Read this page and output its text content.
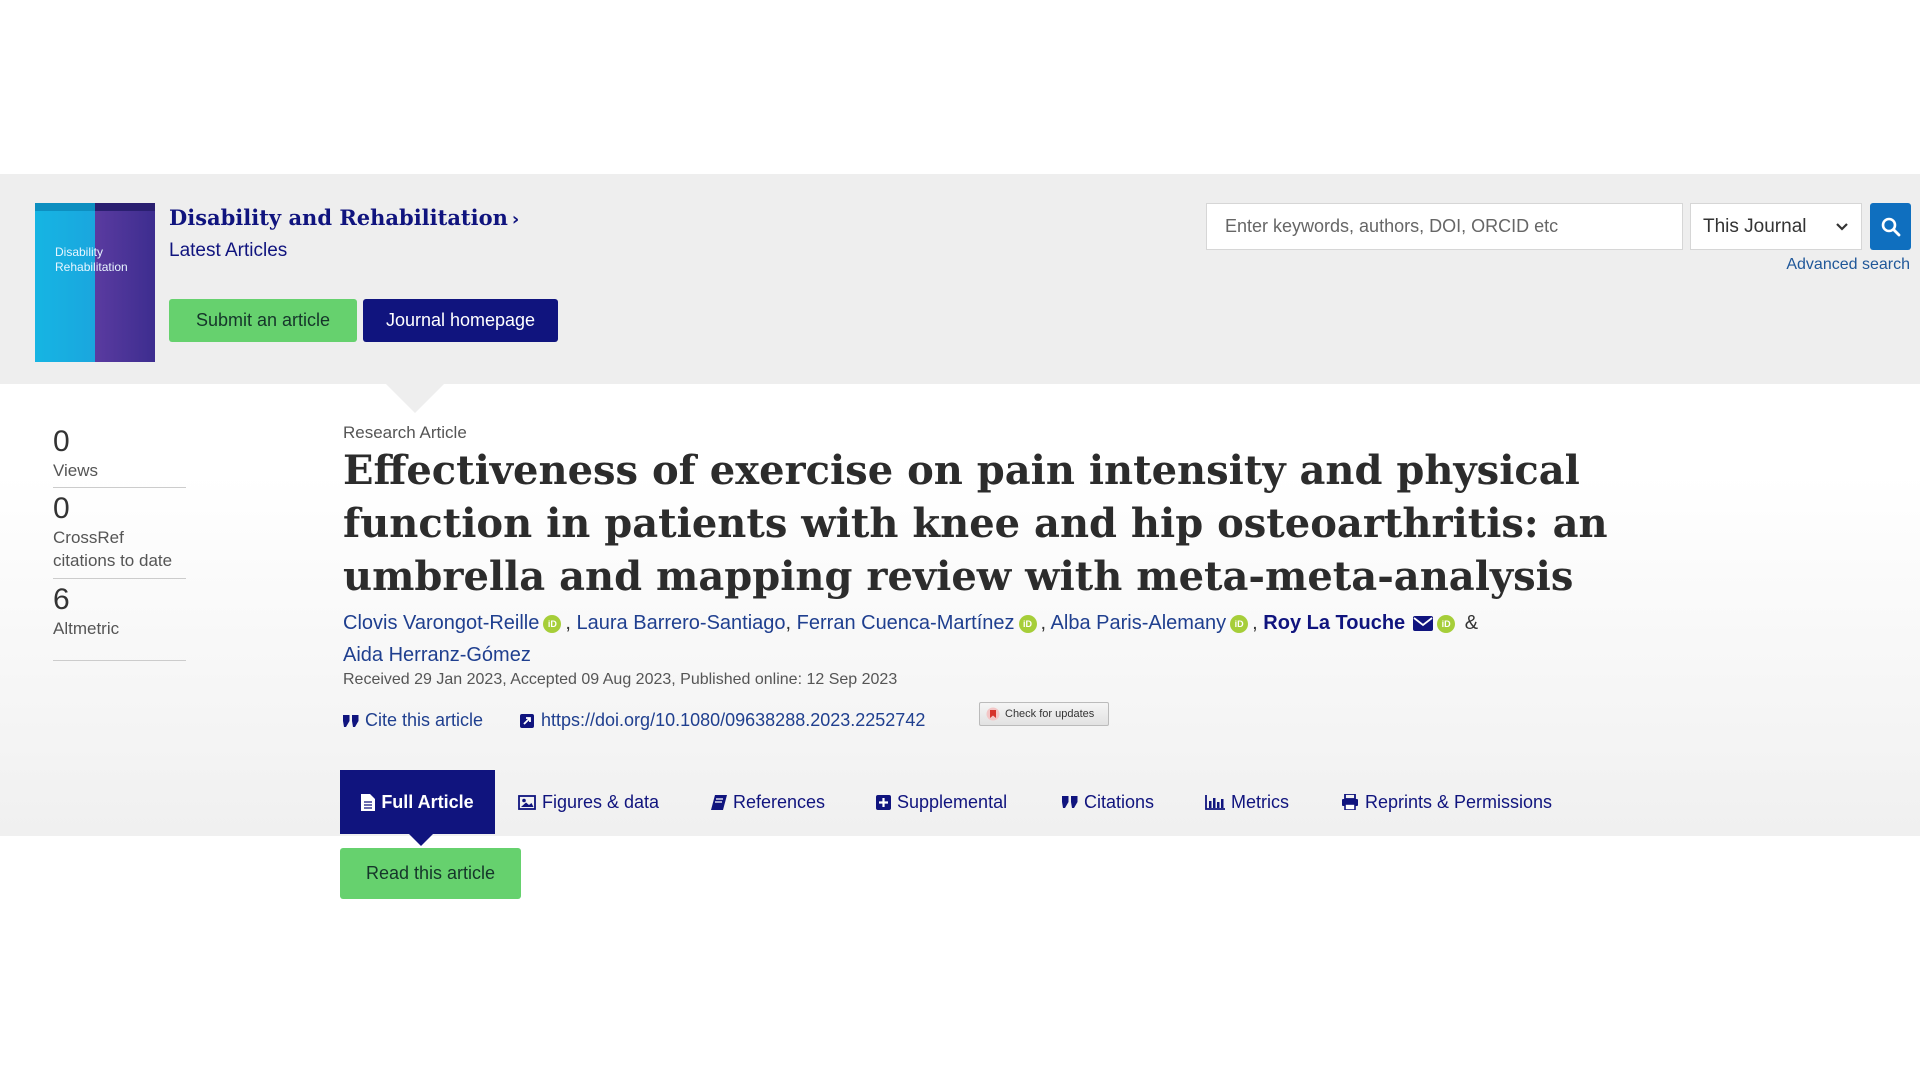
Disability Rehabilitation
Disability and Rehabilitation ›
Latest Articles
Submit an article	Journal homepage
Enter keywords, authors, DOI, ORCID etc	This Journal
Advanced search
0
Views
0
CrossRef citations to date
6
Altmetric
Research Article
Effectiveness of exercise on pain intensity and physical function in patients with knee and hip osteoarthritis: an umbrella and mapping review with meta-meta-analysis
Clovis Varongot-Reille iD , Laura Barrero-Santiago, Ferran Cuenca-Martínez iD , Alba Paris-Alemany iD , Roy La Touche	iD &
Aida Herranz-Gómez
Received 29 Jan 2023, Accepted 09 Aug 2023, Published online: 12 Sep 2023
Cite this article	https://doi.org/10.1080/09638288.2023.2252742	Check for updates
Full Article	Figures & data	References	Supplemental	Citations	Metrics	Reprints & Permissions
Read this article
